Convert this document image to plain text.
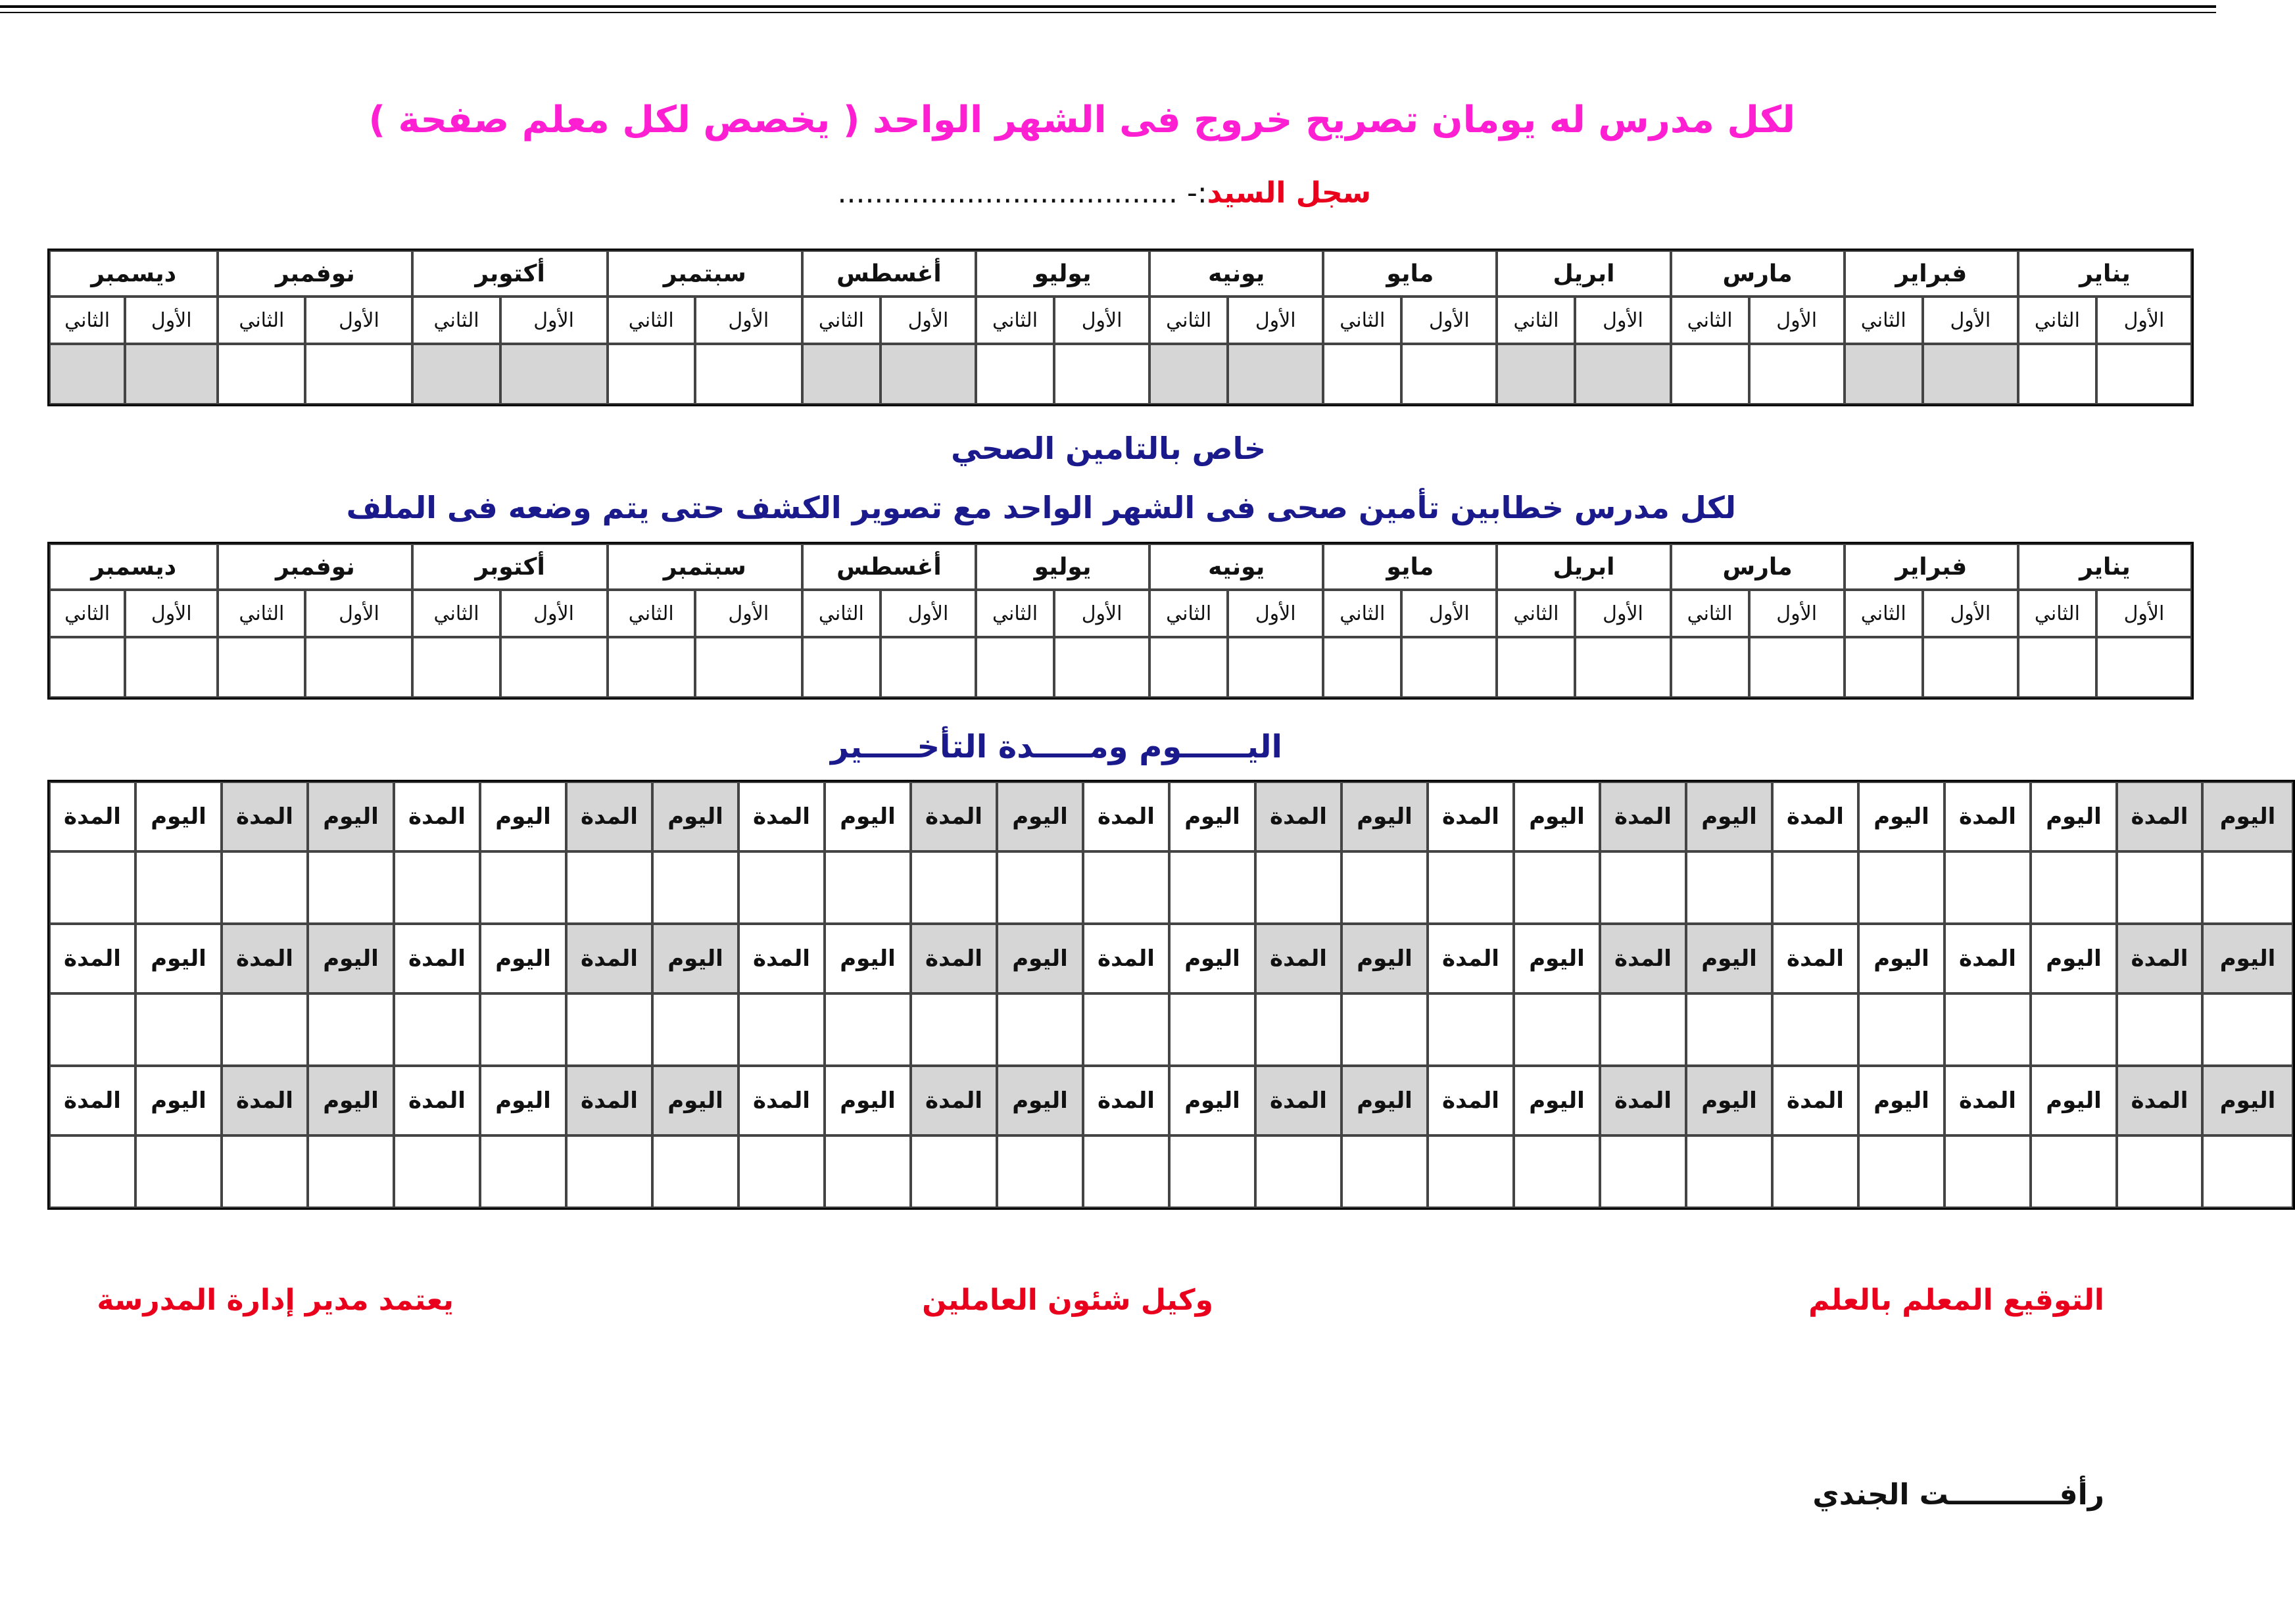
لكل مدرس له يومان تصريح خروج فى الشهر الواحد ( يخصص لكل معلم صفحة )
سجل السيد:- .....................................
يناير		فبراير		مارس		ابريل		مايو		يونيه		يوليو		أغسطس		سبتمبر		أكتوبر		نوفمبر		ديسمبر	
الأول	الثاني	الأول	الثاني	الأول	الثاني	الأول	الثاني	الأول	الثاني	الأول	الثاني	الأول	الثاني	الأول	الثاني	الأول	الثاني	الأول	الثاني	الأول	الثاني	الأول	الثاني

خاص بالتامين الصحي
لكل مدرس خطابين تأمين صحى فى الشهر الواحد مع تصوير الكشف حتى يتم وضعه فى الملف
يناير		فبراير		مارس		ابريل		مايو		يونيه		يوليو		أغسطس		سبتمبر		أكتوبر		نوفمبر		ديسمبر	
الأول	الثاني	الأول	الثاني	الأول	الثاني	الأول	الثاني	الأول	الثاني	الأول	الثاني	الأول	الثاني	الأول	الثاني	الأول	الثاني	الأول	الثاني	الأول	الثاني	الأول	الثاني

اليــــــوم ومـــــدة التأخـــــير
اليوم	المدة	اليوم	المدة	اليوم	المدة	اليوم	المدة	اليوم	المدة	اليوم	المدة	اليوم	المدة	اليوم	المدة	اليوم	المدة	اليوم	المدة	اليوم	المدة	اليوم	المدة	اليوم	المدة

اليوم	المدة	اليوم	المدة	اليوم	المدة	اليوم	المدة	اليوم	المدة	اليوم	المدة	اليوم	المدة	اليوم	المدة	اليوم	المدة	اليوم	المدة	اليوم	المدة	اليوم	المدة	اليوم	المدة

اليوم	المدة	اليوم	المدة	اليوم	المدة	اليوم	المدة	اليوم	المدة	اليوم	المدة	اليوم	المدة	اليوم	المدة	اليوم	المدة	اليوم	المدة	اليوم	المدة	اليوم	المدة	اليوم	المدة

التوقيع المعلم بالعلم
وكيل شئون العاملين
يعتمد مدير إدارة المدرسة
رأفـــــــــــت الجندي
